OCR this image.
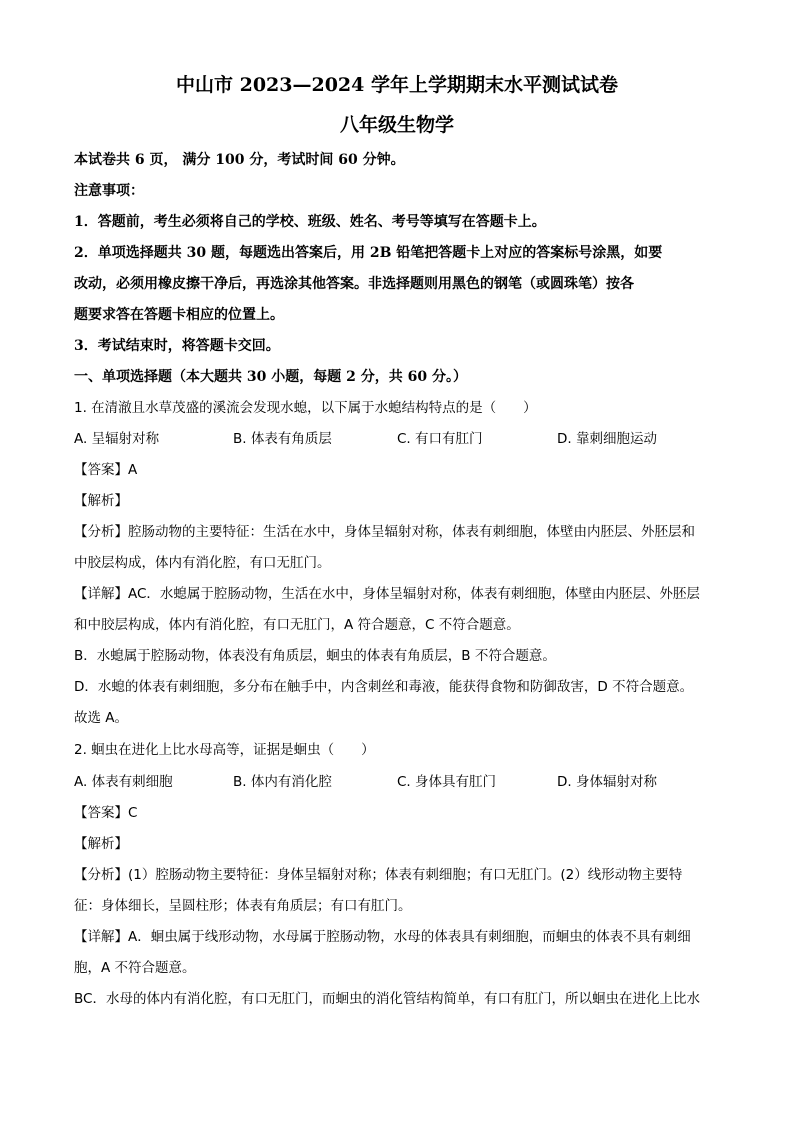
中山市 2023—2024 学年上学期期末水平测试试卷
八年级生物学
本试卷共 6 页， 满分 100 分，考试时间 60 分钟。
注意事项：
1．答题前，考生必须将自己的学校、班级、姓名、考号等填写在答题卡上。
2．单项选择题共 30 题，每题选出答案后，用 2B 铅笔把答题卡上对应的答案标号涂黑，如要
改动，必须用橡皮擦干净后，再选涂其他答案。非选择题则用黑色的钢笔（或圆珠笔）按各
题要求答在答题卡相应的位置上。
3．考试结束时，将答题卡交回。
一、单项选择题（本大题共 30 小题，每题 2 分，共 60 分。）
1. 在清澈且水草茂盛的溪流会发现水螅，以下属于水螅结构特点的是（　　）
A. 呈辐射对称	B. 体表有角质层	C. 有口有肛门	D. 靠刺细胞运动
【答案】A
【解析】
【分析】腔肠动物的主要特征：生活在水中，身体呈辐射对称，体表有刺细胞，体壁由内胚层、外胚层和
中胶层构成，体内有消化腔，有口无肛门。
【详解】AC．水螅属于腔肠动物，生活在水中，身体呈辐射对称，体表有刺细胞，体壁由内胚层、外胚层
和中胶层构成，体内有消化腔，有口无肛门，A 符合题意，C 不符合题意。
B．水螅属于腔肠动物，体表没有角质层，蛔虫的体表有角质层，B 不符合题意。
D．水螅的体表有刺细胞，多分布在触手中，内含刺丝和毒液，能获得食物和防御敌害，D 不符合题意。
故选 A。
2. 蛔虫在进化上比水母高等，证据是蛔虫（　　）
A. 体表有刺细胞	B. 体内有消化腔	C. 身体具有肛门	D. 身体辐射对称
【答案】C
【解析】
【分析】(1）腔肠动物主要特征：身体呈辐射对称；体表有刺细胞；有口无肛门。(2）线形动物主要特
征：身体细长，呈圆柱形；体表有角质层；有口有肛门。
【详解】A．蛔虫属于线形动物，水母属于腔肠动物，水母的体表具有刺细胞，而蛔虫的体表不具有刺细
胞，A 不符合题意。
BC．水母的体内有消化腔，有口无肛门，而蛔虫的消化管结构简单，有口有肛门，所以蛔虫在进化上比水
